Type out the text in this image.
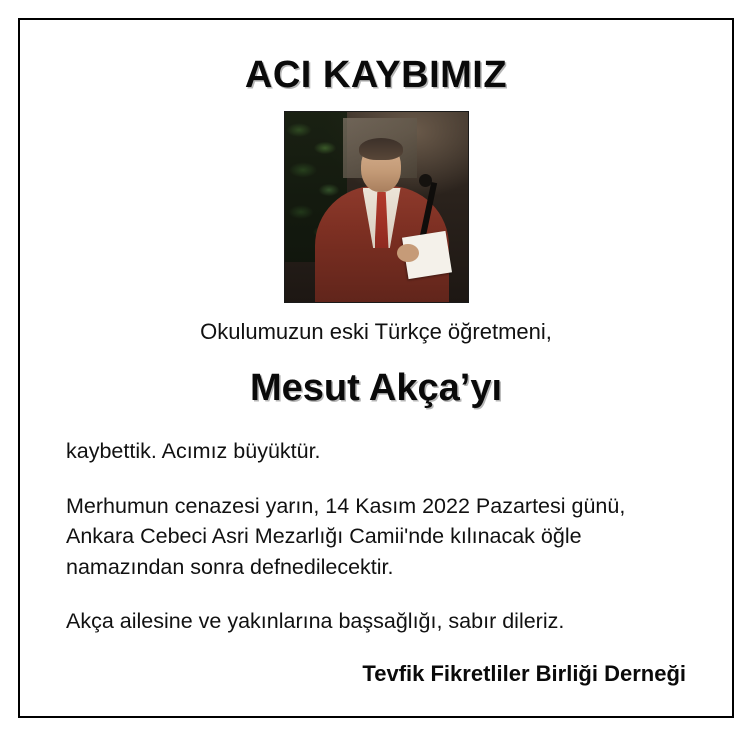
ACI KAYBIMIZ
Okulumuzun eski Türkçe öğretmeni,
Mesut Akça’yı

kaybettik. Acımız büyüktür.

Merhumun cenazesi yarın, 14 Kasım 2022 Pazartesi günü, Ankara Cebeci Asri Mezarlığı Camii'nde kılınacak öğle namazından sonra defnedilecektir.

Akça ailesine ve yakınlarına başsağlığı, sabır dileriz.

Tevfik Fikretliler Birliği Derneği
